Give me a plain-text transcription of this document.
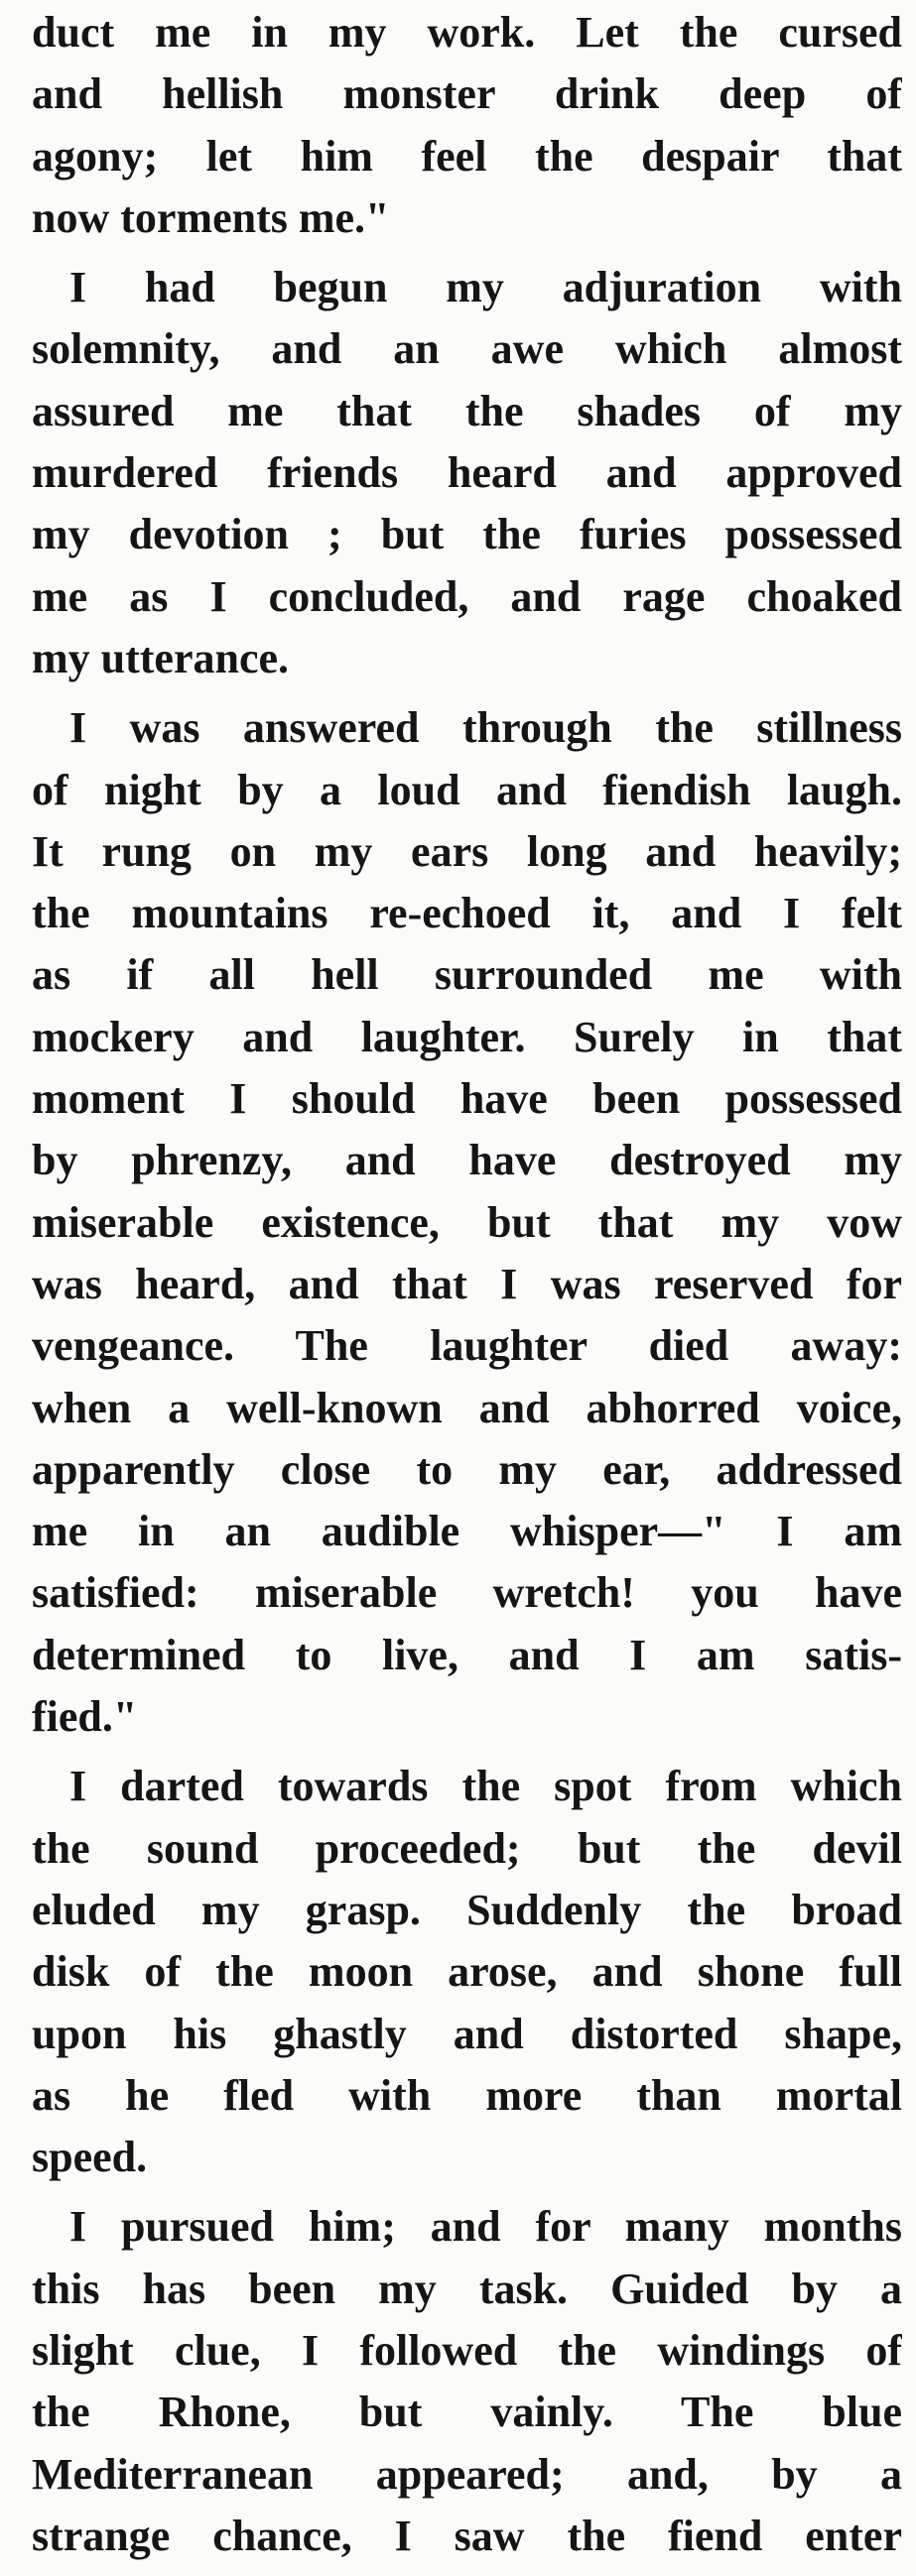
duct me in my work. Let the cursed
and hellish monster drink deep of
agony; let him feel the despair that
now torments me."
I had begun my adjuration with
solemnity, and an awe which almost
assured me that the shades of my
murdered friends heard and approved
my devotion ; but the furies possessed
me as I concluded, and rage choaked
my utterance.
I was answered through the stillness
of night by a loud and fiendish laugh.
It rung on my ears long and heavily;
the mountains re-echoed it, and I felt
as if all hell surrounded me with
mockery and laughter. Surely in that
moment I should have been possessed
by phrenzy, and have destroyed my
miserable existence, but that my vow
was heard, and that I was reserved for
vengeance. The laughter died away:
when a well-known and abhorred voice,
apparently close to my ear, addressed
me in an audible whisper—" I am
satisfied: miserable wretch! you have
determined to live, and I am satis-
fied."
I darted towards the spot from which
the sound proceeded; but the devil
eluded my grasp. Suddenly the broad
disk of the moon arose, and shone full
upon his ghastly and distorted shape,
as he fled with more than mortal
speed.
I pursued him; and for many months
this has been my task. Guided by a
slight clue, I followed the windings of
the Rhone, but vainly. The blue
Mediterranean appeared; and, by a
strange chance, I saw the fiend enter
